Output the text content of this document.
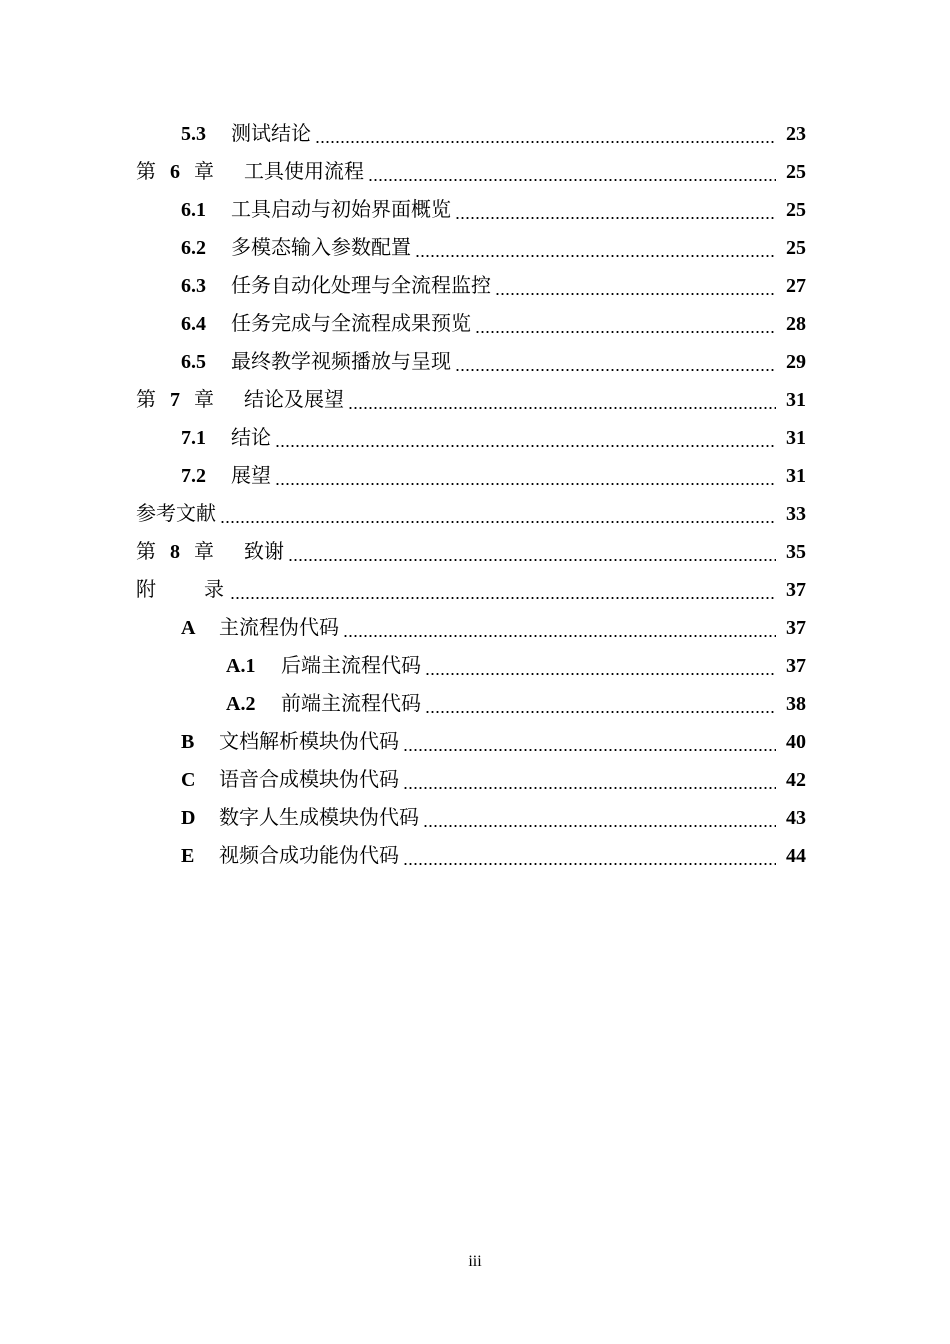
5.3	测试结论	23
第 6 章 工具使用流程	25
6.1	工具启动与初始界面概览	25
6.2	多模态输入参数配置	25
6.3	任务自动化处理与全流程监控	27
6.4	任务完成与全流程成果预览	28
6.5	最终教学视频播放与呈现	29
第 7 章 结论及展望	31
7.1	结论	31
7.2	展望	31
参考文献	33
第 8 章 致谢	35
附 录	37
A	主流程伪代码	37
A.1	后端主流程代码	37
A.2	前端主流程代码	38
B	文档解析模块伪代码	40
C	语音合成模块伪代码	42
D	数字人生成模块伪代码	43
E	视频合成功能伪代码	44
iii
